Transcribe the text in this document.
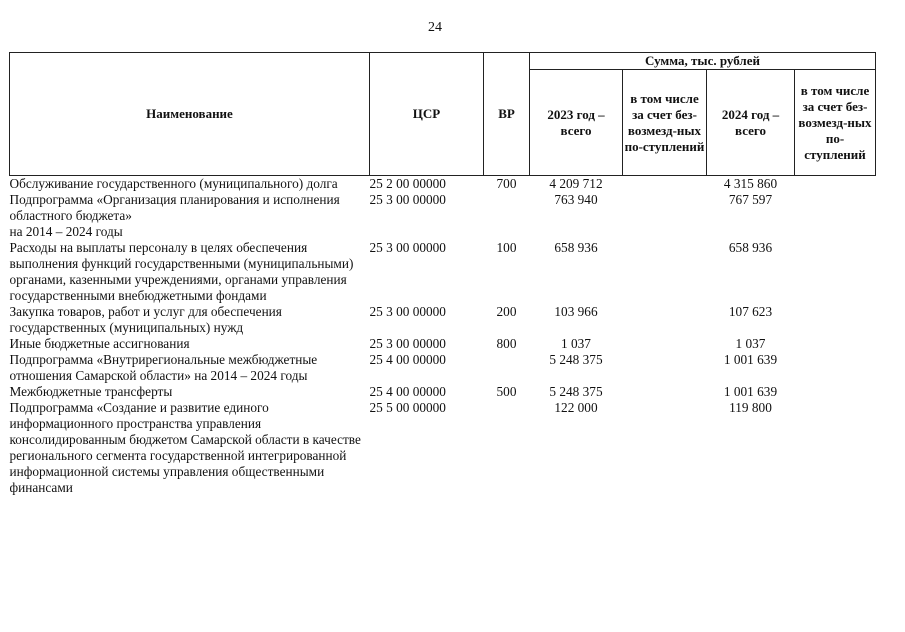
24
Наименование	ЦСР	ВР	Сумма, тыс. рублей			
			2023 год – всего	в том числе за счет без-возмезд-ных по-ступлений	2024 год – всего	в том числе за счет без-возмезд-ных по-ступлений
Обслуживание государственного (муниципального) долга	25 2 00 00000	700	4 209 712		4 315 860	
Подпрограмма «Организация планирования и исполнения областного бюджета»
на 2014 – 2024 годы	25 3 00 00000		763 940		767 597	
Расходы на выплаты персоналу в целях обеспечения выполнения функций государственными (муниципальными) органами, казенными учреждениями, органами управления государственными внебюджетными фондами	25 3 00 00000	100	658 936		658 936	
Закупка товаров, работ и услуг для обеспечения государственных (муниципальных) нужд	25 3 00 00000	200	103 966		107 623	
Иные бюджетные ассигнования	25 3 00 00000	800	1 037		1 037	
Подпрограмма «Внутрирегиональные межбюджетные отношения Самарской области» на 2014 – 2024 годы	25 4 00 00000		5 248 375		1 001 639	
Межбюджетные трансферты	25 4 00 00000	500	5 248 375		1 001 639	
Подпрограмма «Создание и развитие единого информационного пространства управления консолидированным бюджетом Самарской области в качестве регионального сегмента государственной интегрированной информационной системы управления общественными финансами	25 5 00 00000		122 000		119 800	
